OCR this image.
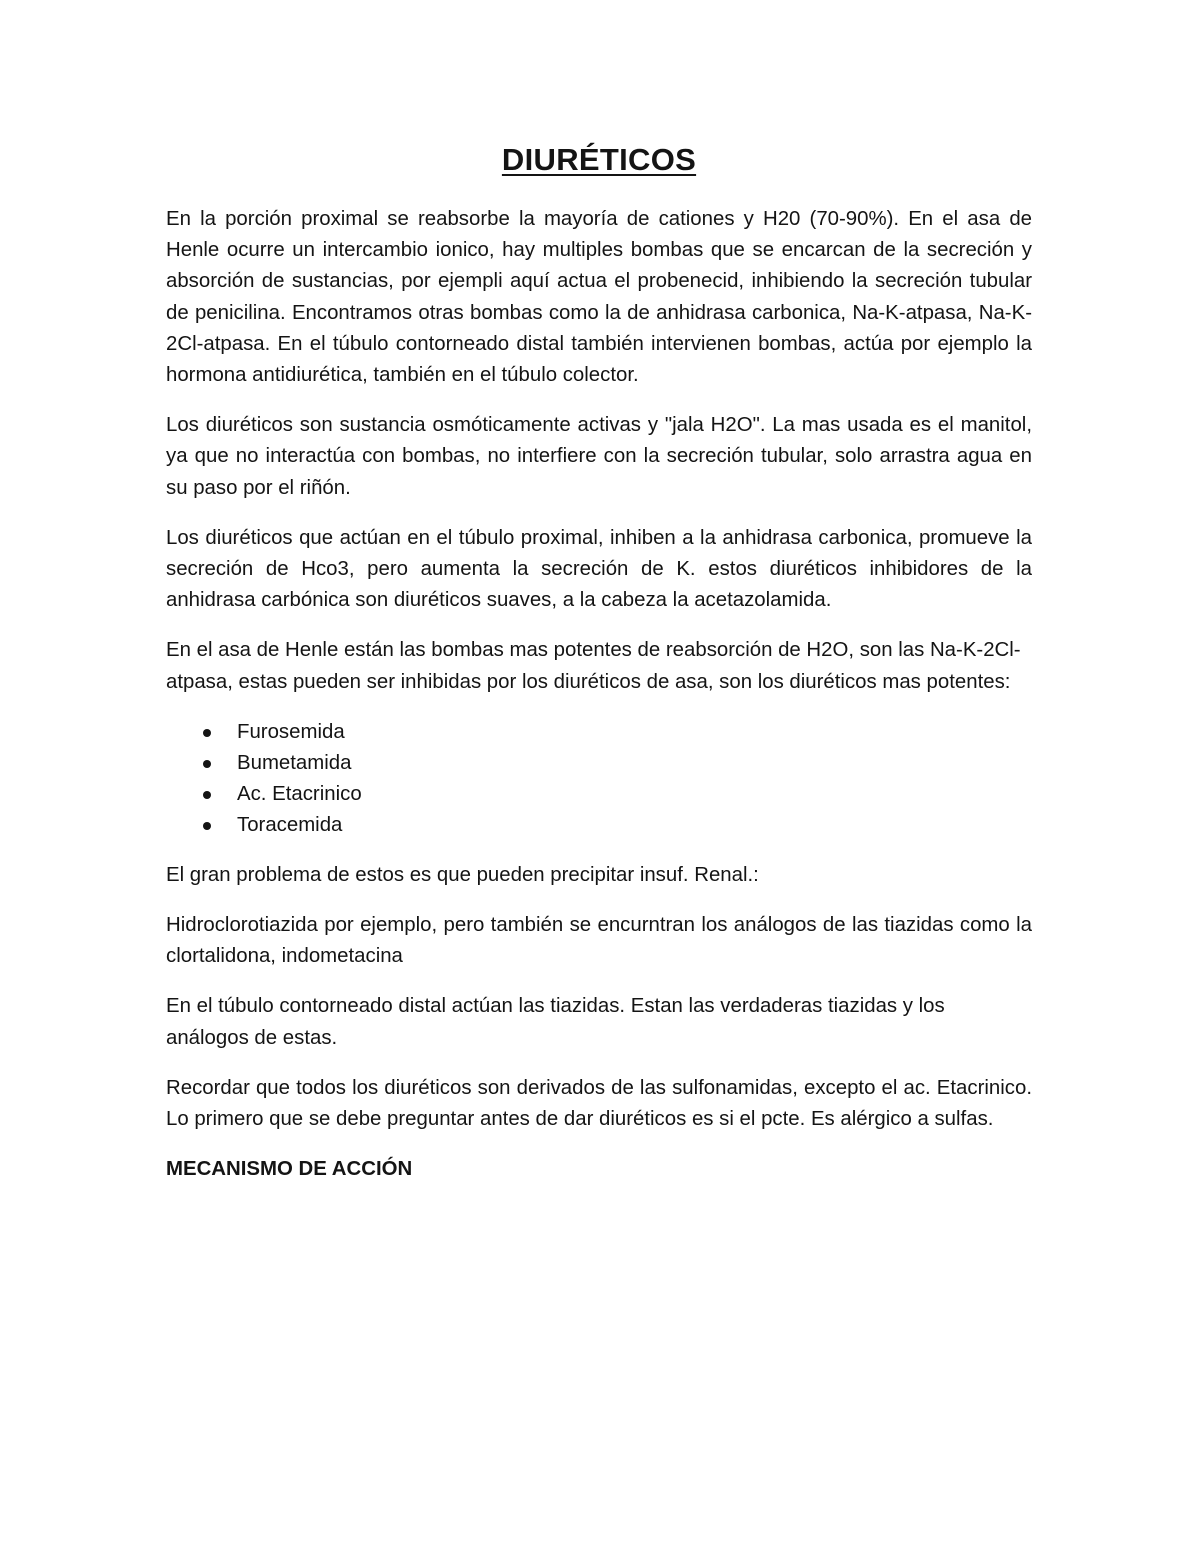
DIURÉTICOS

En la porción proximal se reabsorbe la mayoría de cationes y H20 (70-90%). En el asa de Henle ocurre un intercambio ionico, hay multiples bombas que se encarcan de la secreción y absorción de sustancias, por ejempli aquí actua el probenecid, inhibiendo la secreción tubular de penicilina. Encontramos otras bombas como la de anhidrasa carbonica, Na-K-atpasa, Na-K-2Cl-atpasa. En el túbulo contorneado distal también intervienen bombas, actúa por ejemplo la hormona antidiurética, también en el túbulo colector.

Los diuréticos son sustancia osmóticamente activas y "jala H2O". La mas usada es el manitol, ya que no interactúa con bombas, no interfiere con la secreción tubular, solo arrastra agua en su paso por el riñón.

Los diuréticos que actúan en el túbulo proximal, inhiben a la anhidrasa carbonica, promueve la secreción de Hco3, pero aumenta la secreción de K. estos diuréticos inhibidores de la anhidrasa carbónica son diuréticos suaves, a la cabeza la acetazolamida.

En el asa de Henle están las bombas mas potentes de reabsorción de H2O, son las Na-K-2Cl-atpasa, estas pueden ser inhibidas por los diuréticos de asa, son los diuréticos mas potentes:

Furosemida
Bumetamida
Ac. Etacrinico
Toracemida

El gran problema de estos es que pueden precipitar insuf. Renal.:

Hidroclorotiazida por ejemplo, pero también se encurntran los análogos de las tiazidas como la clortalidona, indometacina

En el túbulo contorneado distal actúan las tiazidas. Estan las verdaderas tiazidas y los análogos de estas.

Recordar que todos los diuréticos son derivados de las sulfonamidas, excepto el ac. Etacrinico. Lo primero que se debe preguntar antes de dar diuréticos es si el pcte. Es alérgico a sulfas.

MECANISMO DE ACCIÓN
